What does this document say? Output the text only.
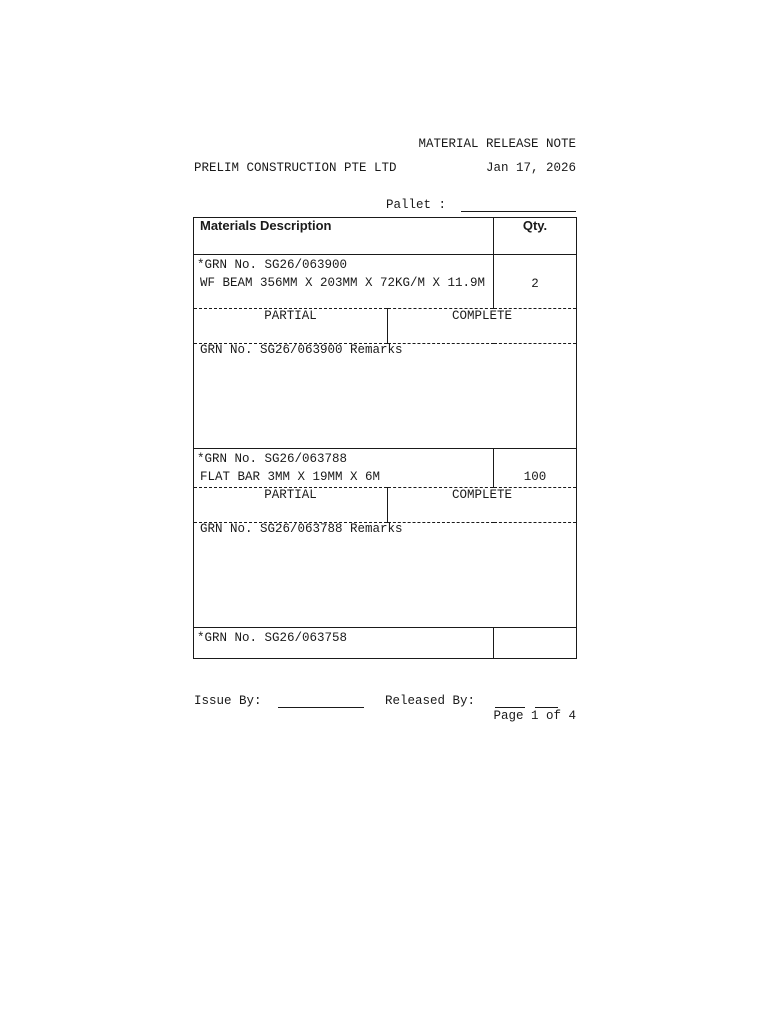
MATERIAL RELEASE NOTE
PRELIM CONSTRUCTION PTE LTD	Jan 17, 2026
Pallet :
Materials Description		Qty.

*GRN No. SG26/063900
WF BEAM 356MM X 203MM X 72KG/M X 11.9M		2
PARTIAL	COMPLETE	
GRN No. SG26/063900 Remarks		

*GRN No. SG26/063788
FLAT BAR 3MM X 19MM X 6M		100
PARTIAL	COMPLETE	
GRN No. SG26/063788 Remarks		

*GRN No. SG26/063758		

Issue By:	Released By:
Page 1 of 4
